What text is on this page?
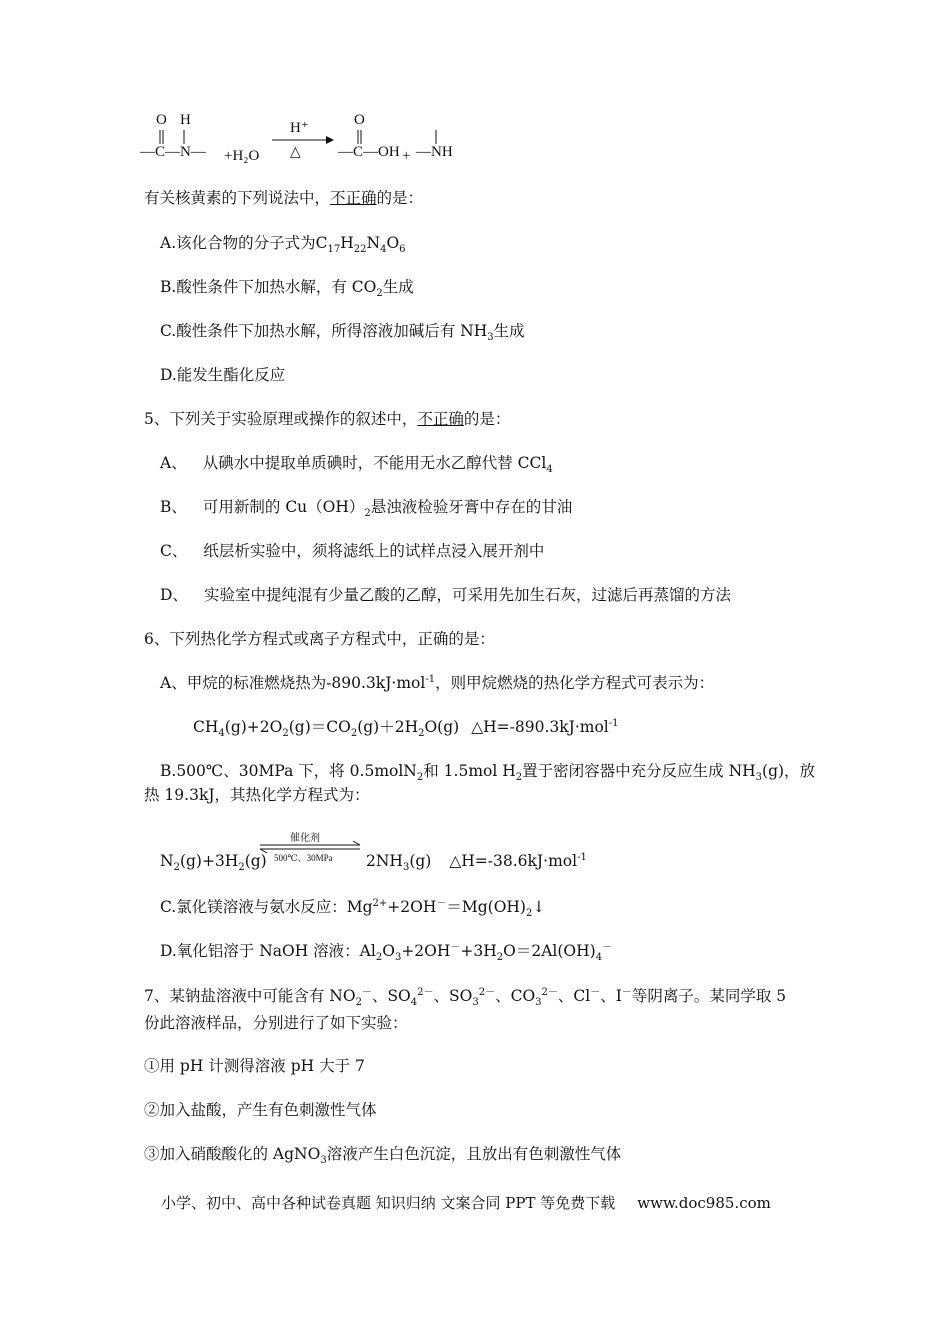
O H
—C—N— +H₂O
H⁺
△
O
—C—OH + —NH
有关核黄素的下列说法中，不正确的是：
A.该化合物的分子式为$C_{17}H_{22}N_4O_6$
B.酸性条件下加热水解，有 $CO_2$生成
C.酸性条件下加热水解，所得溶液加碱后有 $NH_3$生成
D.能发生酯化反应
5、下列关于实验原理或操作的叙述中，不正确的是：
A、 从碘水中提取单质碘时，不能用无水乙醇代替 CCl$_4$
B、 可用新制的 $Cu(OH)_2$悬浊液检验牙膏中存在的甘油
C、 纸层析实验中，须将滤纸上的试样点浸入展开剂中
D、 实验室中提纯混有少量乙酸的乙醇，可采用先加生石灰，过滤后再蒸馏的方法
6、下列热化学方程式或离子方程式中，正确的是：
A、甲烷的标准燃烧热为-890.3kJ·mol$^{-1}$，则甲烷燃烧的热化学方程式可表示为：
$CH_4(g)+2O_2(g)=CO_2(g)+2H_2O(g)$ △H=-890.3kJ·mol$^{-1}$
B.500℃、30MPa 下，将 0.5molN$_2$和 1.5mol $H_2$置于密闭容器中充分反应生成 $NH_3(g)$，放
热 19.3kJ，其热化学方程式为：
$N_2(g)+3H_2(g)$
催化剂
500℃、30MPa $2NH_3(g)$ △H=-38.6kJ·mol$^{-1}$
C.氯化镁溶液与氨水反应：$Mg^{2+}+2OH^-=Mg(OH)_2↓$
D.氧化铝溶于 NaOH 溶液：$Al_2O_3+2OH^-+3H_2O=2Al(OH)_4^-$
7、某钠盐溶液中可能含有 $NO_2^-$、$SO_4^{2-}$、$SO_3^{2-}$、$CO_3^{2-}$、Cl－、I－等阴离子。某同学取 5
份此溶液样品，分别进行了如下实验：
①用 pH 计测得溶液 pH 大于 7
②加入盐酸，产生有色刺激性气体
③加入硝酸酸化的 AgNO$_3$溶液产生白色沉淀，且放出有色刺激性气体
小学、初中、高中各种试卷真题 知识归纳 文案合同 PPT 等免费下载 www.doc985.com
